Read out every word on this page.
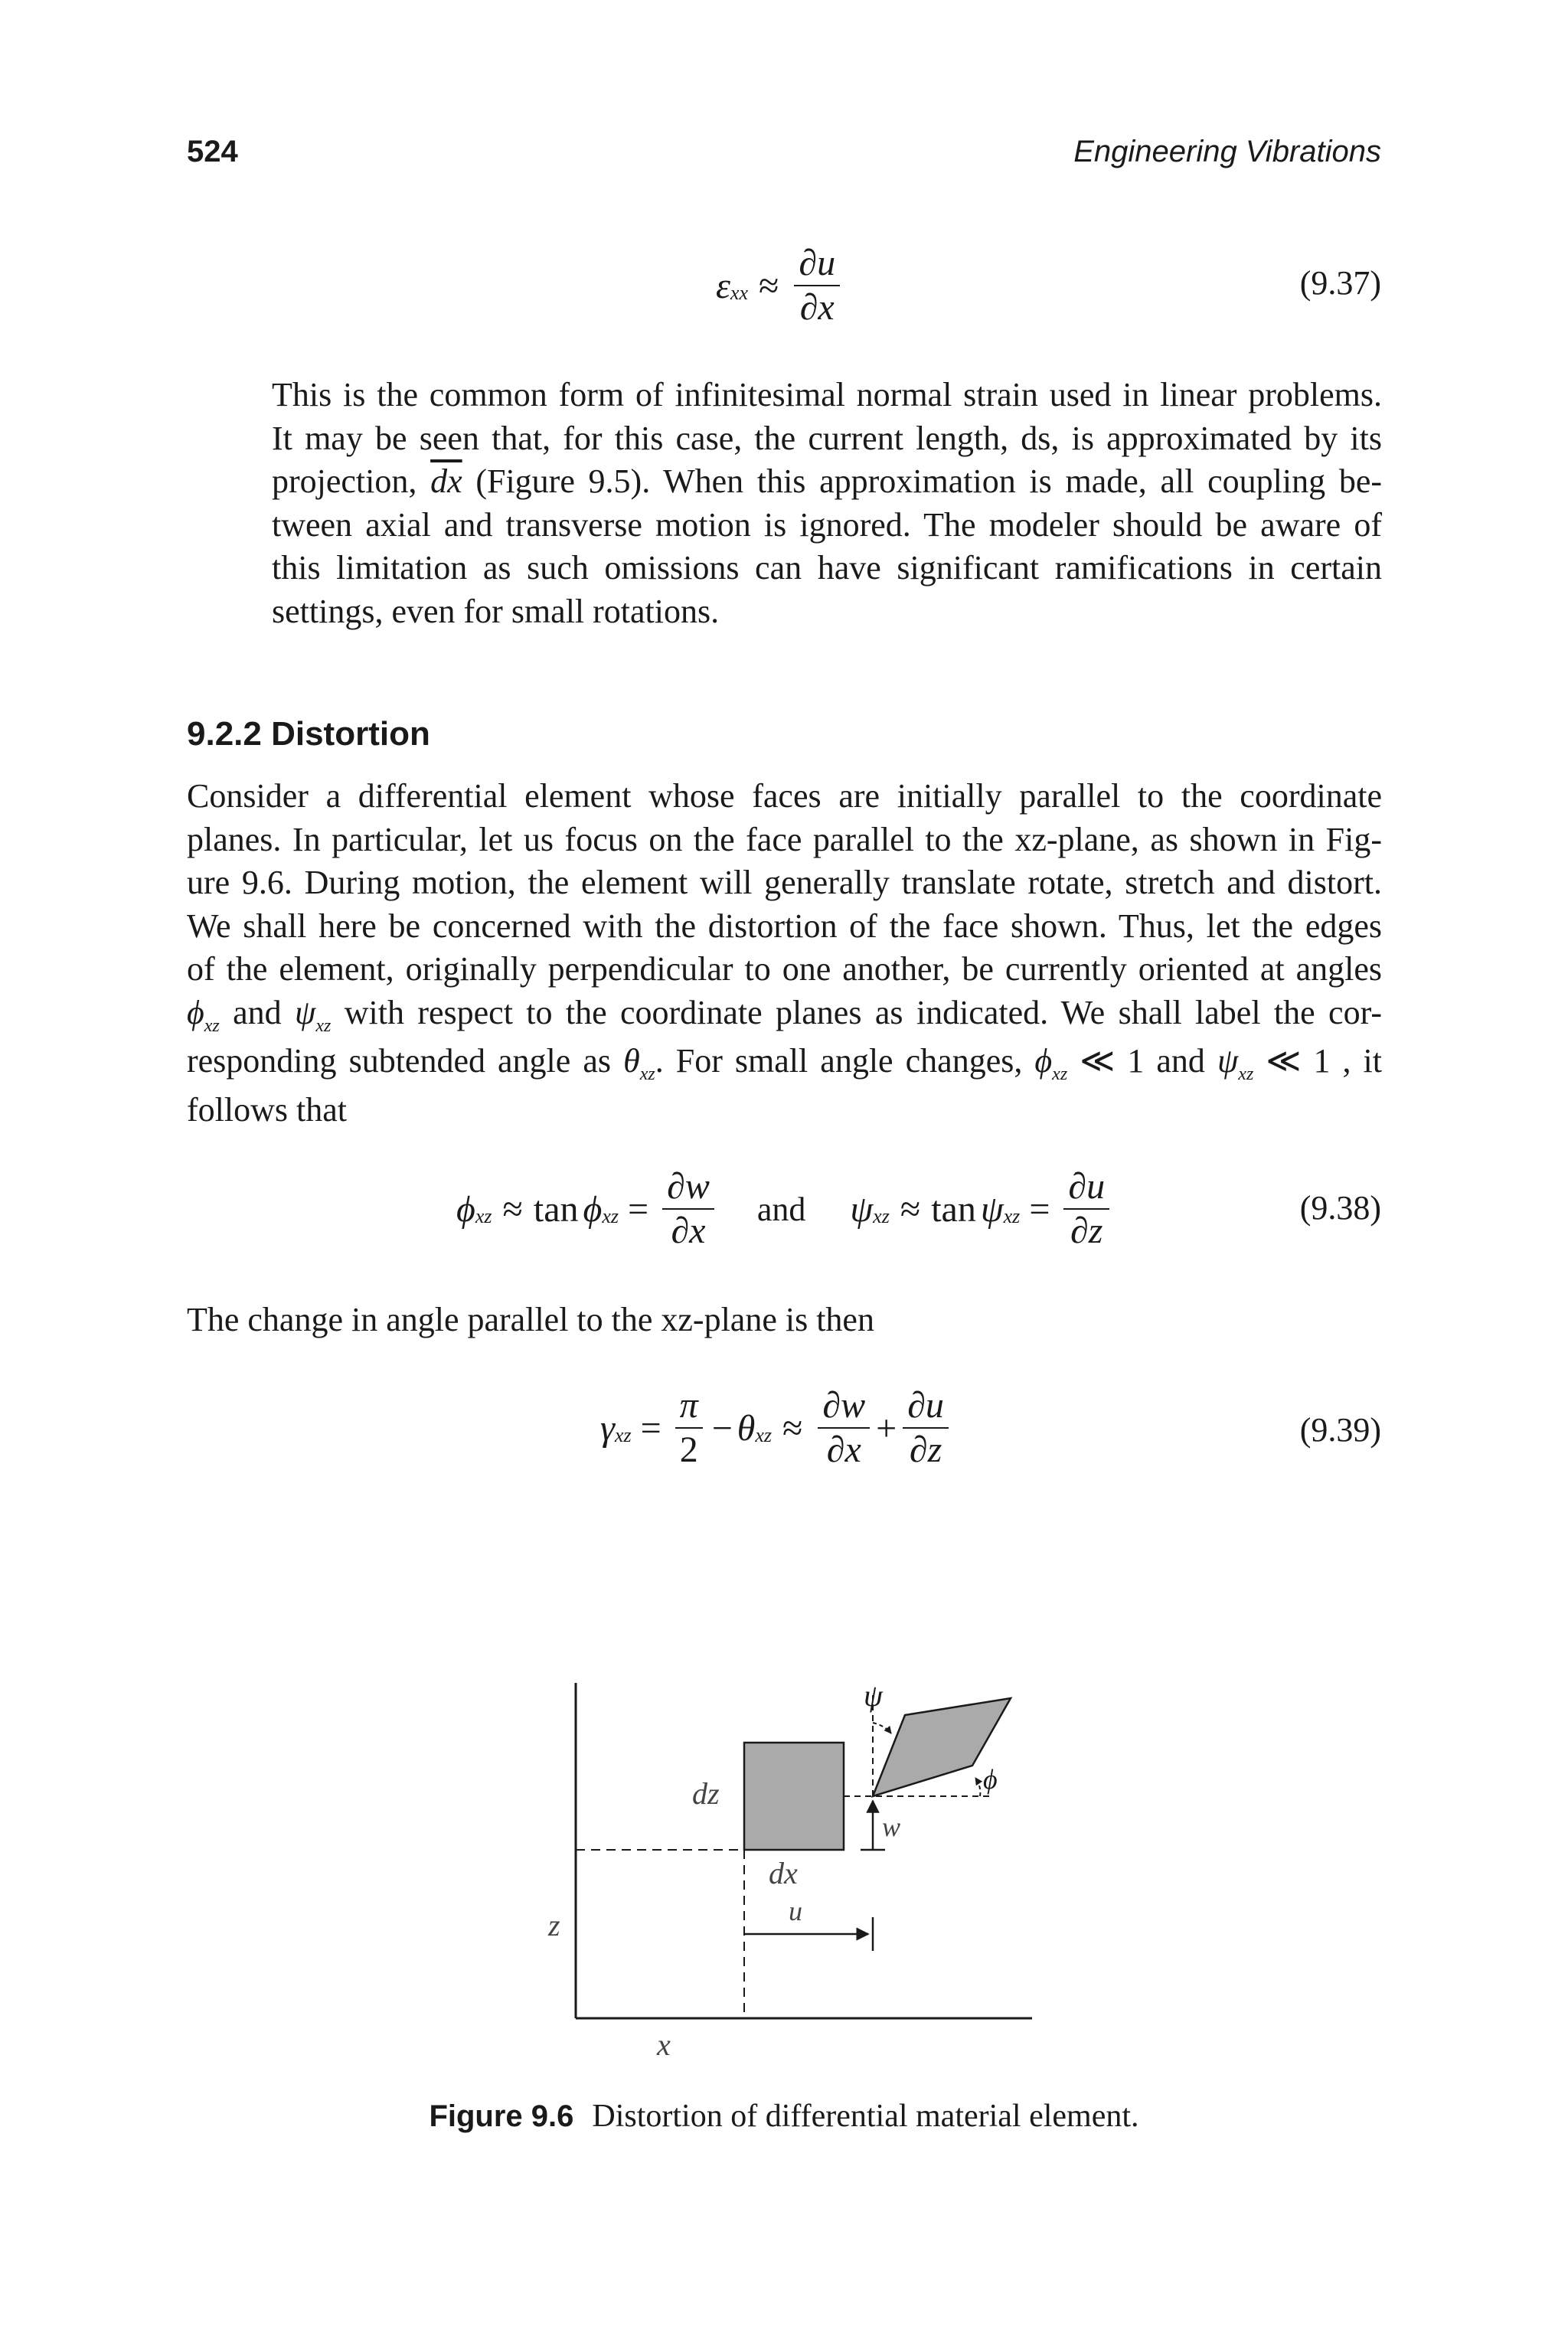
524	Engineering Vibrations
ε xx ≈ $\frac{\partial u}{\partial x}$	(9.37)
This is the common form of infinitesimal normal strain used in linear problems.
It may be seen that, for this case, the current length, ds, is approximated by its
projection, $\overline{dx}$ (Figure 9.5). When this approximation is made, all coupling be-
tween axial and transverse motion is ignored. The modeler should be aware of
this limitation as such omissions can have significant ramifications in certain
settings, even for small rotations.
9.2.2 Distortion
Consider a differential element whose faces are initially parallel to the coordinate
planes. In particular, let us focus on the face parallel to the xz-plane, as shown in Fig-
ure 9.6. During motion, the element will generally translate rotate, stretch and distort.
We shall here be concerned with the distortion of the face shown. Thus, let the edges
of the element, originally perpendicular to one another, be currently oriented at angles
$\phi_{xz}$ and $\psi_{xz}$ with respect to the coordinate planes as indicated. We shall label the cor-
responding subtended angle as $\theta_{xz}$. For small angle changes, $\phi_{xz}$ ≪ 1 and $\psi_{xz}$ ≪ 1 , it
follows that
ϕ xz ≈ tan ϕ xz = $\frac{\partial w}{\partial x}$ and ψ xz ≈ tan ψ xz = $\frac{\partial u}{\partial z}$	(9.38)
The change in angle parallel to the xz-plane is then
γ xz = $\frac{\pi}{2} - \theta$ xz ≈ $\frac{\partial w}{\partial x} + \frac{\partial u}{\partial z}$	(9.39)
ψ
ϕ
dz
dx
w
u
z
x
Figure 9.6 Distortion of differential material element.
